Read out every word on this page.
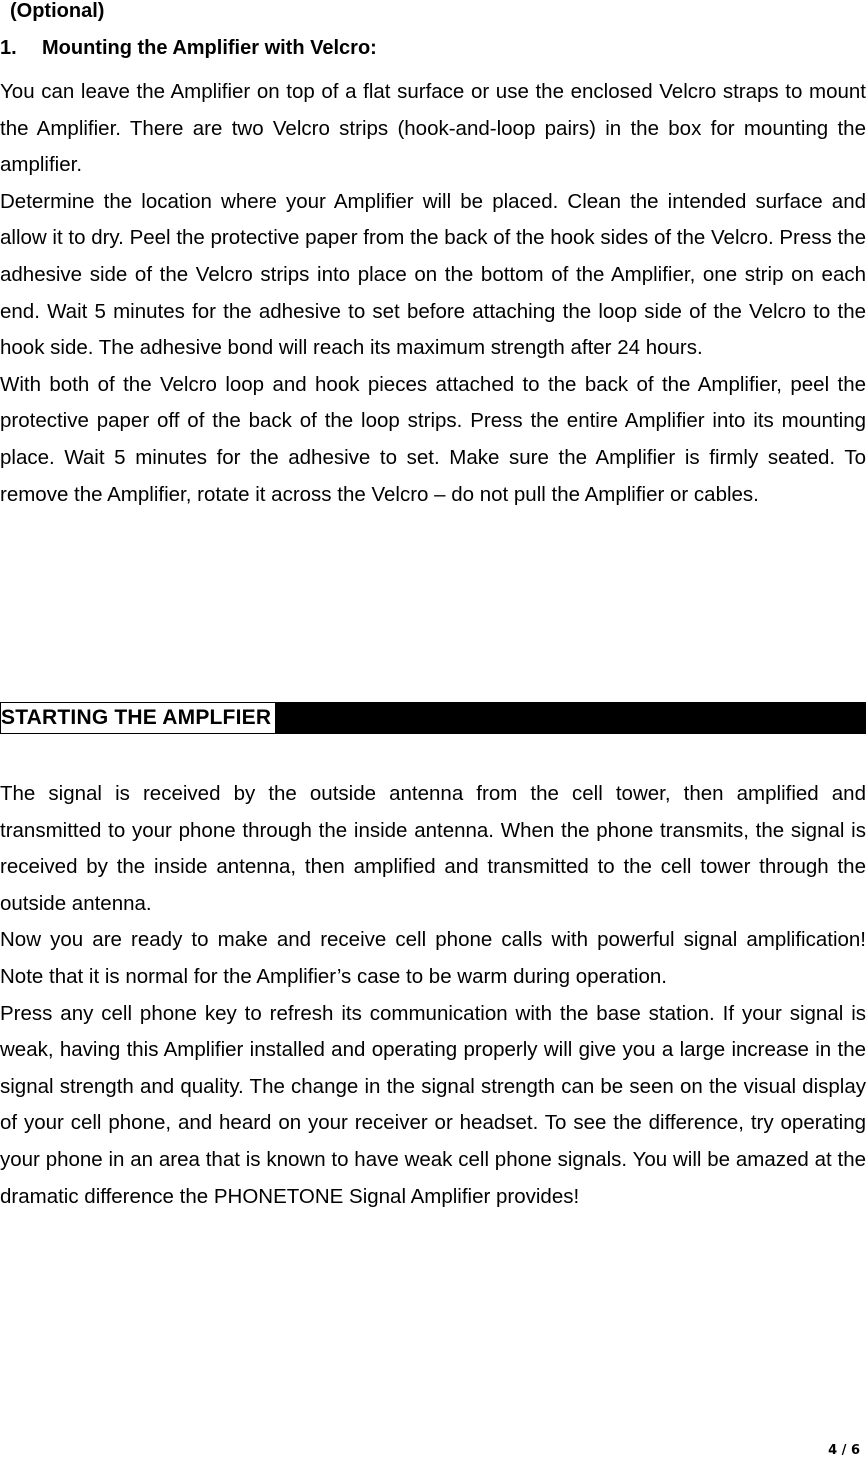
(Optional)
1. Mounting the Amplifier with Velcro:

You can leave the Amplifier on top of a flat surface or use the enclosed Velcro straps to mount the Amplifier. There are two Velcro strips (hook-and-loop pairs) in the box for mounting the amplifier.

Determine the location where your Amplifier will be placed. Clean the intended surface and allow it to dry. Peel the protective paper from the back of the hook sides of the Velcro. Press the adhesive side of the Velcro strips into place on the bottom of the Amplifier, one strip on each end. Wait 5 minutes for the adhesive to set before attaching the loop side of the Velcro to the hook side. The adhesive bond will reach its maximum strength after 24 hours.

With both of the Velcro loop and hook pieces attached to the back of the Amplifier, peel the protective paper off of the back of the loop strips. Press the entire Amplifier into its mounting place. Wait 5 minutes for the adhesive to set. Make sure the Amplifier is firmly seated. To remove the Amplifier, rotate it across the Velcro – do not pull the Amplifier or cables.

STARTING THE AMPLFIER

The signal is received by the outside antenna from the cell tower, then amplified and transmitted to your phone through the inside antenna. When the phone transmits, the signal is received by the inside antenna, then amplified and transmitted to the cell tower through the outside antenna.

Now you are ready to make and receive cell phone calls with powerful signal amplification! Note that it is normal for the Amplifier’s case to be warm during operation.

Press any cell phone key to refresh its communication with the base station. If your signal is weak, having this Amplifier installed and operating properly will give you a large increase in the signal strength and quality. The change in the signal strength can be seen on the visual display of your cell phone, and heard on your receiver or headset. To see the difference, try operating your phone in an area that is known to have weak cell phone signals. You will be amazed at the dramatic difference the PHONETONE Signal Amplifier provides!

4 / 6
